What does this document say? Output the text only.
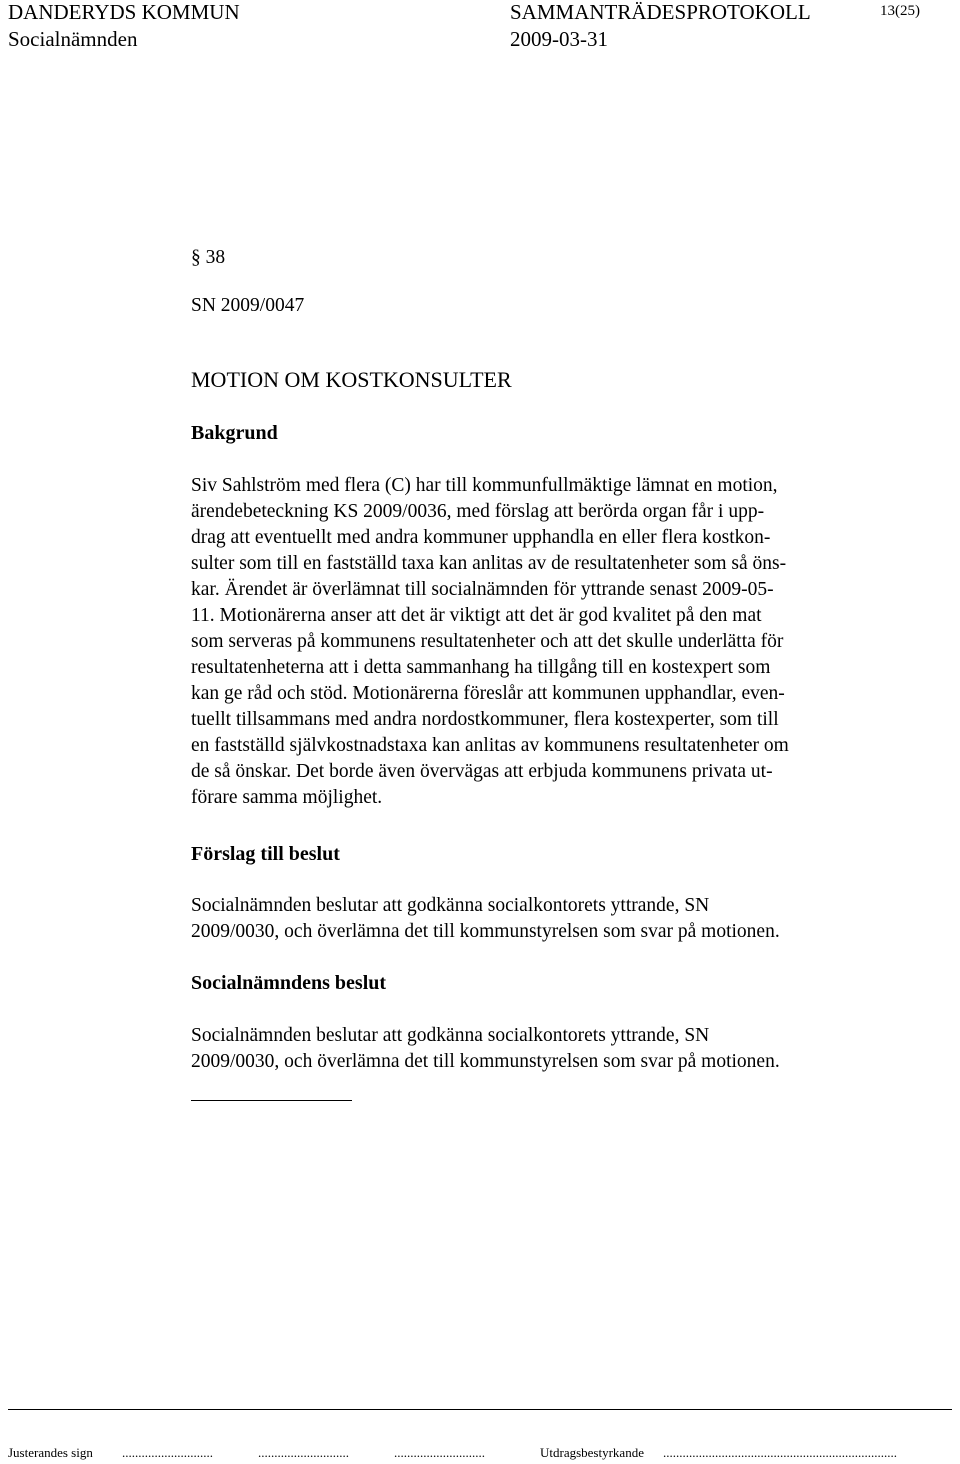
DANDERYDS KOMMUN	SAMMANTRÄDESPROTOKOLL	13(25)
Socialnämnden	2009-03-31
§ 38
SN 2009/0047
MOTION OM KOSTKONSULTER
Bakgrund
Siv Sahlström med flera (C) har till kommunfullmäktige lämnat en motion,
ärendebeteckning KS 2009/0036, med förslag att berörda organ får i upp-
drag att eventuellt med andra kommuner upphandla en eller flera kostkon-
sulter som till en fastställd taxa kan anlitas av de resultatenheter som så öns-
kar. Ärendet är överlämnat till socialnämnden för yttrande senast 2009-05-
11. Motionärerna anser att det är viktigt att det är god kvalitet på den mat
som serveras på kommunens resultatenheter och att det skulle underlätta för
resultatenheterna att i detta sammanhang ha tillgång till en kostexpert som
kan ge råd och stöd. Motionärerna föreslår att kommunen upphandlar, even-
tuellt tillsammans med andra nordostkommuner, flera kostexperter, som till
en fastställd självkostnadstaxa kan anlitas av kommunens resultatenheter om
de så önskar. Det borde även övervägas att erbjuda kommunens privata ut-
förare samma möjlighet.
Förslag till beslut
Socialnämnden beslutar att godkänna socialkontorets yttrande, SN
2009/0030, och överlämna det till kommunstyrelsen som svar på motionen.
Socialnämndens beslut
Socialnämnden beslutar att godkänna socialkontorets yttrande, SN
2009/0030, och överlämna det till kommunstyrelsen som svar på motionen.
Justerandes sign ............................	............................	............................	Utdragsbestyrkande ........................................................................
